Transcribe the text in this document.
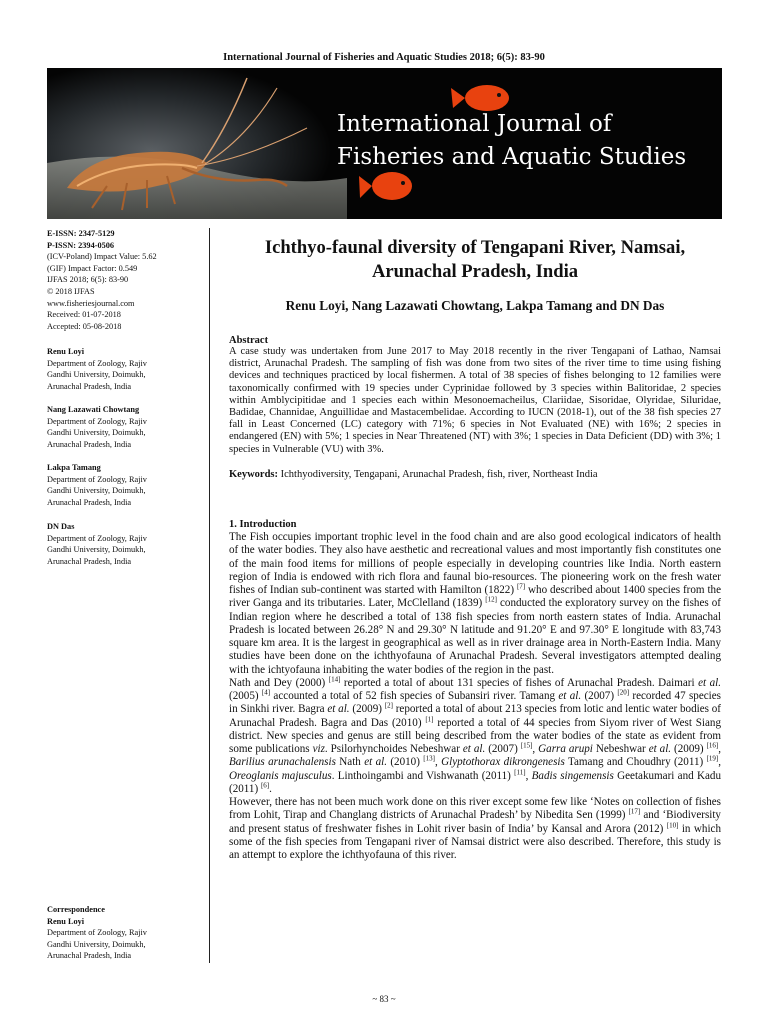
International Journal of Fisheries and Aquatic Studies 2018; 6(5): 83-90
International Journal of
Fisheries and Aquatic Studies
E-ISSN: 2347-5129
P-ISSN: 2394-0506
(ICV-Poland) Impact Value: 5.62
(GIF) Impact Factor: 0.549
IJFAS 2018; 6(5): 83-90
© 2018 IJFAS
www.fisheriesjournal.com
Received: 01-07-2018
Accepted: 05-08-2018
Renu Loyi
Department of Zoology, Rajiv
Gandhi University, Doimukh,
Arunachal Pradesh, India
Nang Lazawati Chowtang
Department of Zoology, Rajiv
Gandhi University, Doimukh,
Arunachal Pradesh, India
Lakpa Tamang
Department of Zoology, Rajiv
Gandhi University, Doimukh,
Arunachal Pradesh, India
DN Das
Department of Zoology, Rajiv
Gandhi University, Doimukh,
Arunachal Pradesh, India
Correspondence
Renu Loyi
Department of Zoology, Rajiv
Gandhi University, Doimukh,
Arunachal Pradesh, India
Ichthyo-faunal diversity of Tengapani River, Namsai,
Arunachal Pradesh, India
Renu Loyi, Nang Lazawati Chowtang, Lakpa Tamang and DN Das
Abstract
A case study was undertaken from June 2017 to May 2018 recently in the river Tengapani of Lathao, Namsai district, Arunachal Pradesh. The sampling of fish was done from two sites of the river time to time using fishing devices and techniques practiced by local fishermen. A total of 38 species of fishes belonging to 12 families were taxonomically confirmed with 19 species under Cyprinidae followed by 3 species within Balitoridae, 2 species within Amblycipitidae and 1 species each within Mesonoemacheilus, Clariidae, Sisoridae, Olyridae, Siluridae, Badidae, Channidae, Anguillidae and Mastacembelidae. According to IUCN (2018-1), out of the 38 fish species 27 fall in Least Concerned (LC) category with 71%; 6 species in Not Evaluated (NE) with 16%; 2 species in endangered (EN) with 5%; 1 species in Near Threatened (NT) with 3%; 1 species in Data Deficient (DD) with 3%; 1 species in Vulnerable (VU) with 3%.
Keywords: Ichthyodiversity, Tengapani, Arunachal Pradesh, fish, river, Northeast India
1. Introduction

The Fish occupies important trophic level in the food chain and are also good ecological indicators of health of the water bodies. They also have aesthetic and recreational values and most importantly fish constitutes one of the main food items for millions of people especially in developing countries like India. North eastern region of India is endowed with rich flora and faunal bio-resources. The pioneering work on the fresh water fishes of Indian sub-continent was started with Hamilton (1822) [7] who described about 1400 species from the river Ganga and its tributaries. Later, McClelland (1839) [12] conducted the exploratory survey on the fishes of Indian region where he described a total of 138 fish species from north eastern states of India. Arunachal Pradesh is located between 26.28° N and 29.30° N latitude and 91.20° E and 97.30° E longitude with 83,743 square km area. It is the largest in geographical as well as in river drainage area in North-Eastern India. Many studies have been done on the ichthyofauna of Arunachal Pradesh. Several investigators attempted dealing with the ichtyofauna inhabiting the water bodies of the region in the past.

Nath and Dey (2000) [14] reported a total of about 131 species of fishes of Arunachal Pradesh. Daimari et al. (2005) [4] accounted a total of 52 fish species of Subansiri river. Tamang et al. (2007) [20] recorded 47 species in Sinkhi river. Bagra et al. (2009) [2] reported a total of about 213 species from lotic and lentic water bodies of Arunachal Pradesh. Bagra and Das (2010) [1] reported a total of 44 species from Siyom river of West Siang district. New species and genus are still being described from the water bodies of the state as evident from some publications viz. Psilorhynchoides Nebeshwar et al. (2007) [15], Garra arupi Nebeshwar et al. (2009) [16], Barilius arunachalensis Nath et al. (2010) [13], Glyptothorax dikrongenesis Tamang and Choudhry (2011) [19], Oreoglanis majusculus. Linthoingambi and Vishwanath (2011) [11], Badis singemensis Geetakumari and Kadu (2011) [6].

However, there has not been much work done on this river except some few like ‘Notes on collection of fishes from Lohit, Tirap and Changlang districts of Arunachal Pradesh’ by Nibedita Sen (1999) [17] and ‘Biodiversity and present status of freshwater fishes in Lohit river basin of India’ by Kansal and Arora (2012) [10] in which some of the fish species from Tengapani river of Namsai district were also described. Therefore, this study is an attempt to explore the ichthyofauna of this river.

~ 83 ~
